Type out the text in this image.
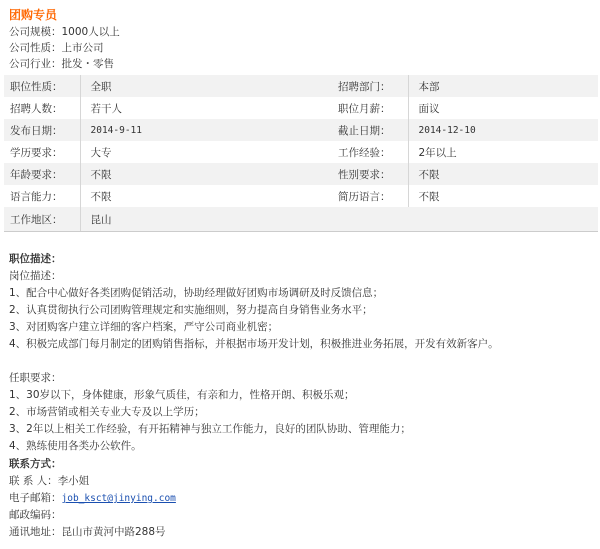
团购专员
公司规模：1000人以上
公司性质：上市公司
公司行业：批发・零售
职位性质：	全职	招聘部门：	本部
招聘人数：	若干人	职位月薪：	面议
发布日期：	2014-9-11	截止日期：	2014-12-10
学历要求：	大专	工作经验：	2年以上
年龄要求：	不限	性别要求：	不限
语言能力：	不限	简历语言：	不限
工作地区：	昆山		
职位描述：
岗位描述：
1、配合中心做好各类团购促销活动，协助经理做好团购市场调研及时反馈信息；
2、认真贯彻执行公司团购管理规定和实施细则，努力提高自身销售业务水平；
3、对团购客户建立详细的客户档案，严守公司商业机密；
4、积极完成部门每月制定的团购销售指标，并根据市场开发计划，积极推进业务拓展，开发有效新客户。
任职要求：
1、30岁以下，身体健康，形象气质佳，有亲和力，性格开朗、积极乐观；
2、市场营销或相关专业大专及以上学历；
3、2年以上相关工作经验，有开拓精神与独立工作能力，良好的团队协助、管理能力；
4、熟练使用各类办公软件。
联系方式：
联 系 人：李小姐
电子邮箱：job_ksct@jinying.com
邮政编码：
通讯地址：昆山市黄河中路288号
